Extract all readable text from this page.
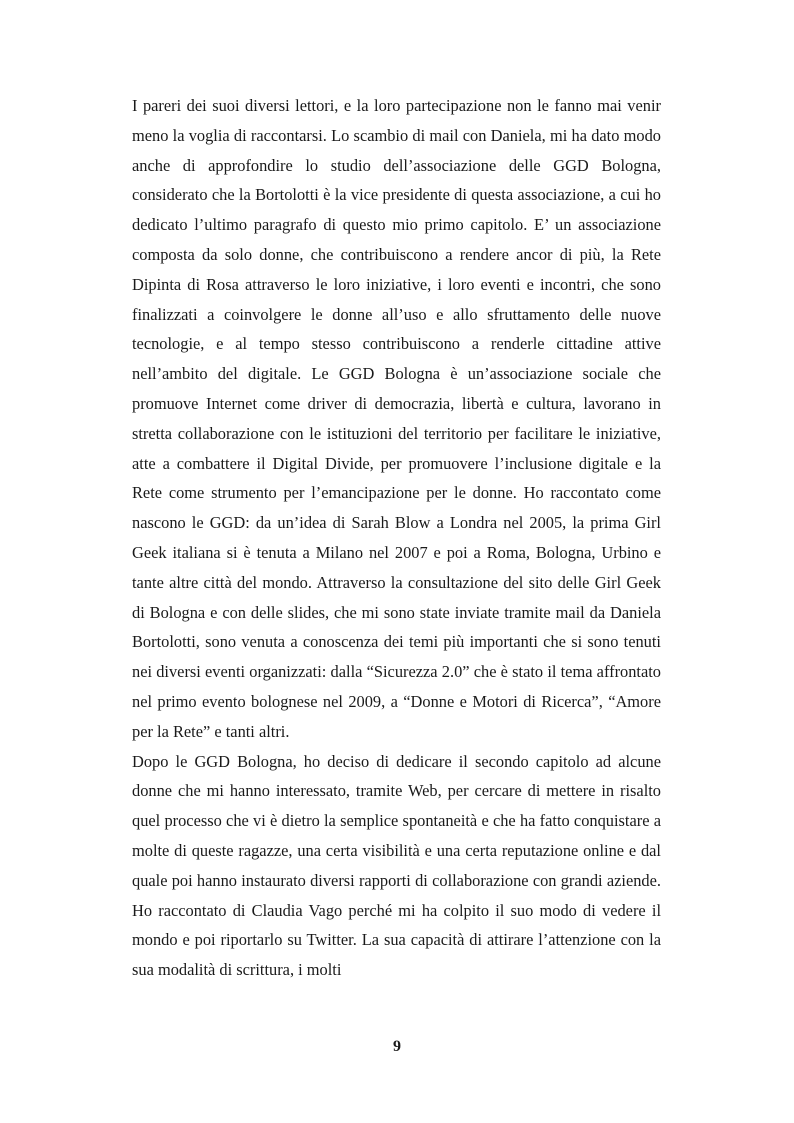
I pareri dei suoi diversi lettori, e la loro partecipazione non le fanno mai venir meno la voglia di raccontarsi. Lo scambio di mail con Daniela, mi ha dato modo anche di approfondire lo studio dell’associazione delle GGD Bologna, considerato che la Bortolotti è la vice presidente di questa associazione, a cui ho dedicato l’ultimo paragrafo di questo mio primo capitolo. E’ un associazione composta da solo donne, che contribuiscono a rendere ancor di più, la Rete Dipinta di Rosa attraverso le loro iniziative, i loro eventi e incontri, che sono finalizzati a coinvolgere le donne all’uso e allo sfruttamento delle nuove tecnologie, e al tempo stesso contribuiscono a renderle cittadine attive nell’ambito del digitale. Le GGD Bologna è un’associazione sociale che promuove Internet come driver di democrazia, libertà e cultura, lavorano in stretta collaborazione con le istituzioni del territorio per facilitare le iniziative, atte a combattere il Digital Divide, per promuovere l’inclusione digitale e la Rete come strumento per l’emancipazione per le donne. Ho raccontato come nascono le GGD: da un’idea di Sarah Blow a Londra nel 2005, la prima Girl Geek italiana si è tenuta a Milano nel 2007 e poi a Roma, Bologna, Urbino e tante altre città del mondo. Attraverso la consultazione del sito delle Girl Geek di Bologna e con delle slides, che mi sono state inviate tramite mail da Daniela Bortolotti, sono venuta a conoscenza dei temi più importanti che si sono tenuti nei diversi eventi organizzati: dalla “Sicurezza 2.0” che è stato il tema affrontato nel primo evento bolognese nel 2009, a “Donne e Motori di Ricerca”, “Amore per la Rete” e tanti altri.

Dopo le GGD Bologna, ho deciso di dedicare il secondo capitolo ad alcune donne che mi hanno interessato, tramite Web, per cercare di mettere in risalto quel processo che vi è dietro la semplice spontaneità e che ha fatto conquistare a molte di queste ragazze, una certa visibilità e una certa reputazione online e dal quale poi hanno instaurato diversi rapporti di collaborazione con grandi aziende. Ho raccontato di Claudia Vago perché mi ha colpito il suo modo di vedere il mondo e poi riportarlo su Twitter. La sua capacità di attirare l’attenzione con la sua modalità di scrittura, i molti

9
